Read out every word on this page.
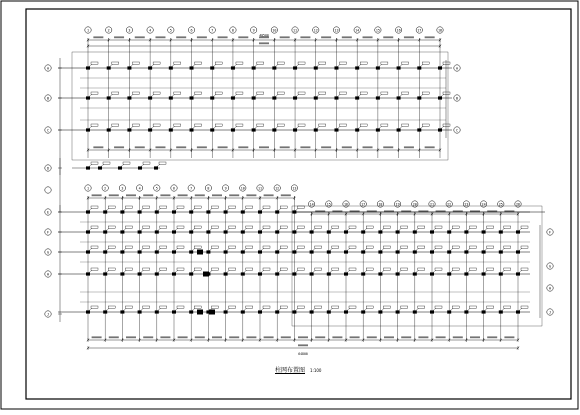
1	2	3	4	5	6	7	8	9	10	11	12	13	14	15	16	17	18
40500
A
B
C
D
A
B
C
1	2	3	4	5	6	7	8	9	10	11	12	13
14	15	16	17	18	19	20	21	22	23	24	25	26
E
F
G
H
J
F
G
H
J
64800
柱网布置图 1:100
